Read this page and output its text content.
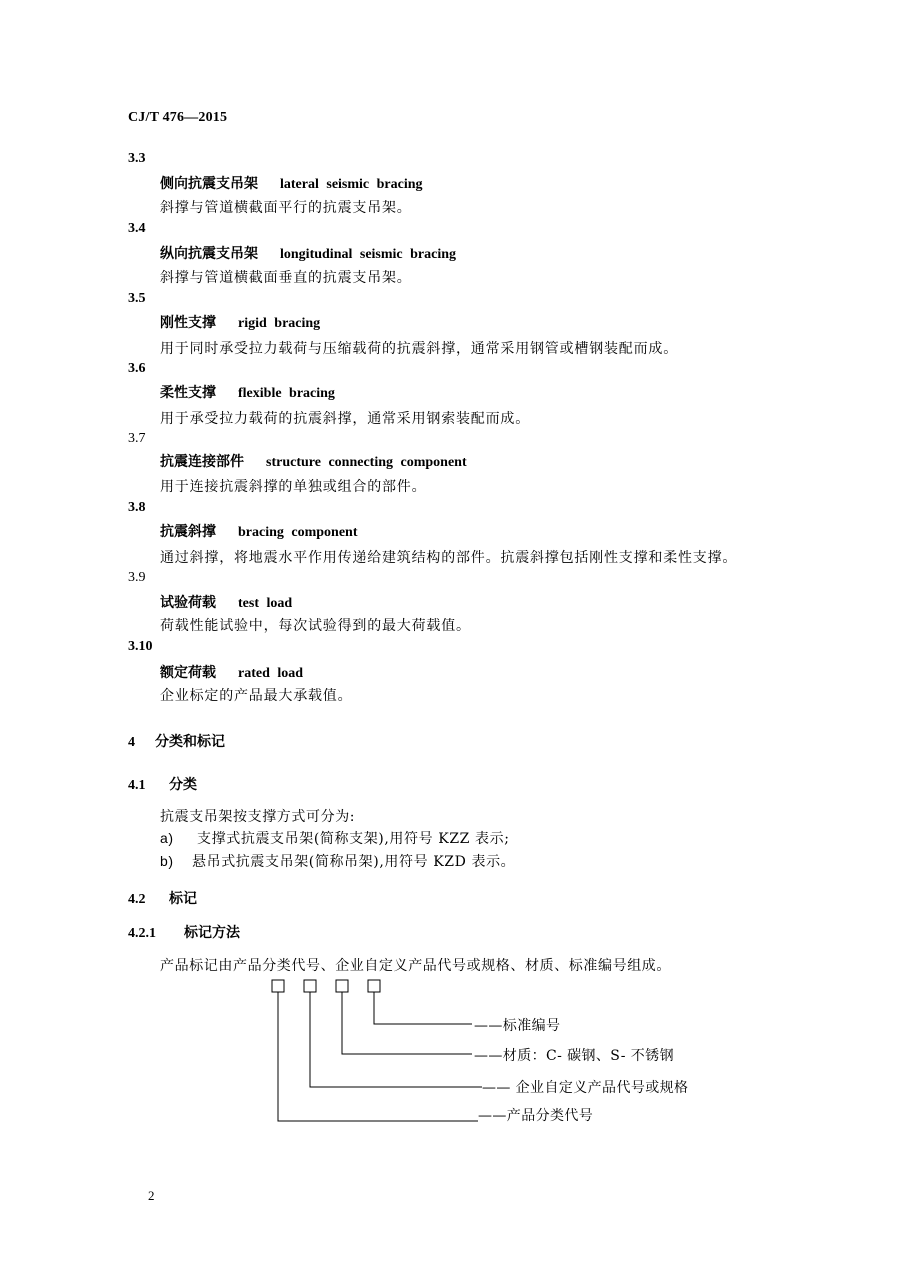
CJ/T 476—2015
3.3
侧向抗震支吊架 lateral seismic bracing
斜撑与管道横截面平行的抗震支吊架。
3.4
纵向抗震支吊架 longitudinal seismic bracing
斜撑与管道横截面垂直的抗震支吊架。
3.5
刚性支撑 rigid bracing
用于同时承受拉力载荷与压缩载荷的抗震斜撑，通常采用钢管或槽钢装配而成。
3.6
柔性支撑 flexible bracing
用于承受拉力载荷的抗震斜撑，通常采用钢索装配而成。
3.7
抗震连接部件 structure connecting component
用于连接抗震斜撑的单独或组合的部件。
3.8
抗震斜撑 bracing component
通过斜撑，将地震水平作用传递给建筑结构的部件。抗震斜撑包括刚性支撑和柔性支撑。
3.9
试验荷载 test load
荷载性能试验中，每次试验得到的最大荷载值。
3.10
额定荷载 rated load
企业标定的产品最大承载值。
4 分类和标记
4.1 分类
抗震支吊架按支撑方式可分为:
a) 支撑式抗震支吊架(简称支架),用符号 KZZ 表示;
b) 悬吊式抗震支吊架(简称吊架),用符号 KZD 表示。
4.2 标记
4.2.1 标记方法
产品标记由产品分类代号、企业自定义产品代号或规格、材质、标准编号组成。
——标准编号
——材质：C- 碳钢、S- 不锈钢
—— 企业自定义产品代号或规格
——产品分类代号
2
